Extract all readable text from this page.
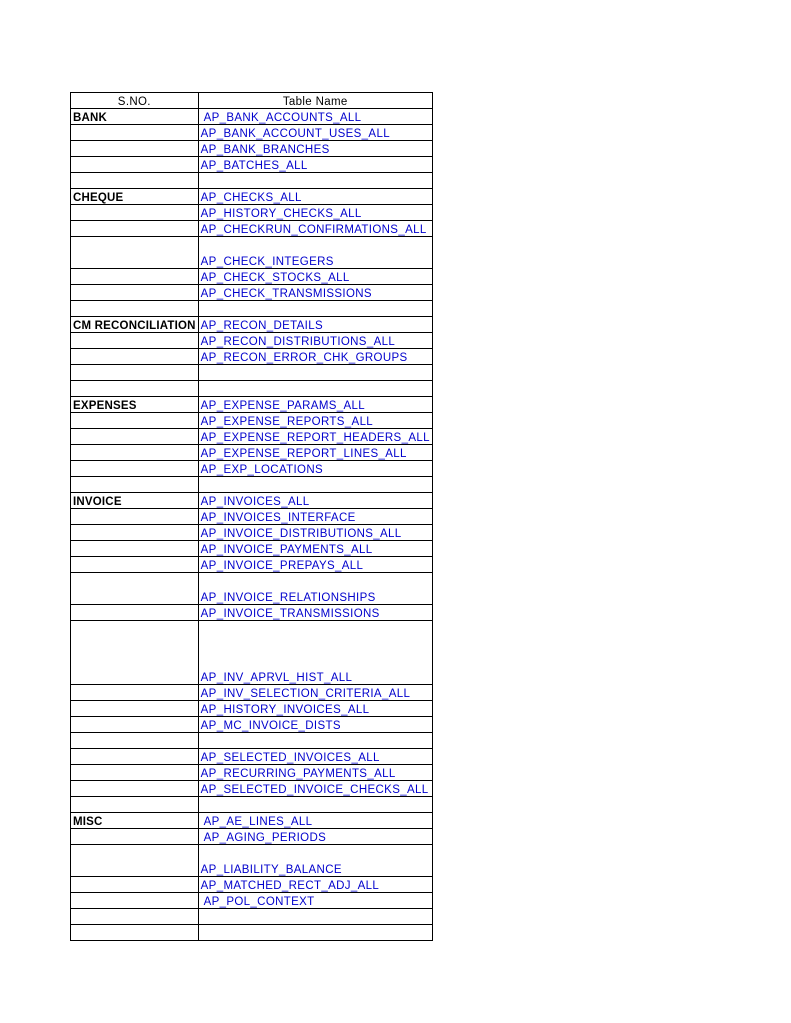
S.NO.	Table Name
BANK	AP_BANK_ACCOUNTS_ALL
	AP_BANK_ACCOUNT_USES_ALL
	AP_BANK_BRANCHES
	AP_BATCHES_ALL

CHEQUE	AP_CHECKS_ALL
	AP_HISTORY_CHECKS_ALL
	AP_CHECKRUN_CONFIRMATIONS_ALL
	AP_CHECK_INTEGERS
	AP_CHECK_STOCKS_ALL
	AP_CHECK_TRANSMISSIONS

CM RECONCILIATION	AP_RECON_DETAILS
	AP_RECON_DISTRIBUTIONS_ALL
	AP_RECON_ERROR_CHK_GROUPS

EXPENSES	AP_EXPENSE_PARAMS_ALL
	AP_EXPENSE_REPORTS_ALL
	AP_EXPENSE_REPORT_HEADERS_ALL
	AP_EXPENSE_REPORT_LINES_ALL
	AP_EXP_LOCATIONS

INVOICE	AP_INVOICES_ALL
	AP_INVOICES_INTERFACE
	AP_INVOICE_DISTRIBUTIONS_ALL
	AP_INVOICE_PAYMENTS_ALL
	AP_INVOICE_PREPAYS_ALL
	AP_INVOICE_RELATIONSHIPS
	AP_INVOICE_TRANSMISSIONS
	AP_INV_APRVL_HIST_ALL
	AP_INV_SELECTION_CRITERIA_ALL
	AP_HISTORY_INVOICES_ALL
	AP_MC_INVOICE_DISTS

	AP_SELECTED_INVOICES_ALL
	AP_RECURRING_PAYMENTS_ALL
	AP_SELECTED_INVOICE_CHECKS_ALL

MISC	AP_AE_LINES_ALL
	AP_AGING_PERIODS
	AP_LIABILITY_BALANCE
	AP_MATCHED_RECT_ADJ_ALL
	AP_POL_CONTEXT
